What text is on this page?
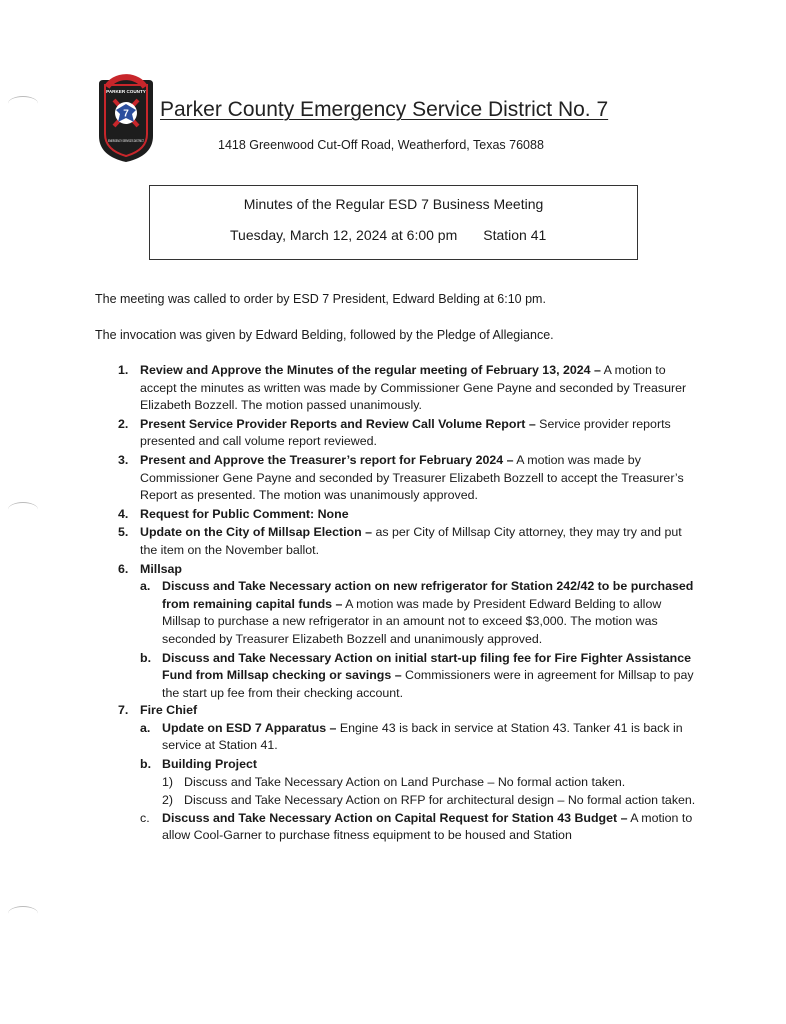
PARKER COUNTY
7
EMERGENCY SERVICES DISTRICT
Parker County Emergency Service District No. 7
1418 Greenwood Cut-Off Road, Weatherford, Texas 76088
Minutes of the Regular ESD 7 Business Meeting
Tuesday, March 12, 2024 at 6:00 pm Station 41
The meeting was called to order by ESD 7 President, Edward Belding at 6:10 pm.
The invocation was given by Edward Belding, followed by the Pledge of Allegiance.
1. Review and Approve the Minutes of the regular meeting of February 13, 2024 – A motion to accept the minutes as written was made by Commissioner Gene Payne and seconded by Treasurer Elizabeth Bozzell. The motion passed unanimously.
2. Present Service Provider Reports and Review Call Volume Report – Service provider reports presented and call volume report reviewed.
3. Present and Approve the Treasurer’s report for February 2024 – A motion was made by Commissioner Gene Payne and seconded by Treasurer Elizabeth Bozzell to accept the Treasurer’s Report as presented. The motion was unanimously approved.
4. Request for Public Comment: None
5. Update on the City of Millsap Election – as per City of Millsap City attorney, they may try and put the item on the November ballot.
6. Millsap
a. Discuss and Take Necessary action on new refrigerator for Station 242/42 to be purchased from remaining capital funds – A motion was made by President Edward Belding to allow Millsap to purchase a new refrigerator in an amount not to exceed $3,000. The motion was seconded by Treasurer Elizabeth Bozzell and unanimously approved.
b. Discuss and Take Necessary Action on initial start-up filing fee for Fire Fighter Assistance Fund from Millsap checking or savings – Commissioners were in agreement for Millsap to pay the start up fee from their checking account.
7. Fire Chief
a. Update on ESD 7 Apparatus – Engine 43 is back in service at Station 43. Tanker 41 is back in service at Station 41.
b. Building Project
1) Discuss and Take Necessary Action on Land Purchase – No formal action taken.
2) Discuss and Take Necessary Action on RFP for architectural design – No formal action taken.
c. Discuss and Take Necessary Action on Capital Request for Station 43 Budget – A motion to allow Cool-Garner to purchase fitness equipment to be housed and Station
